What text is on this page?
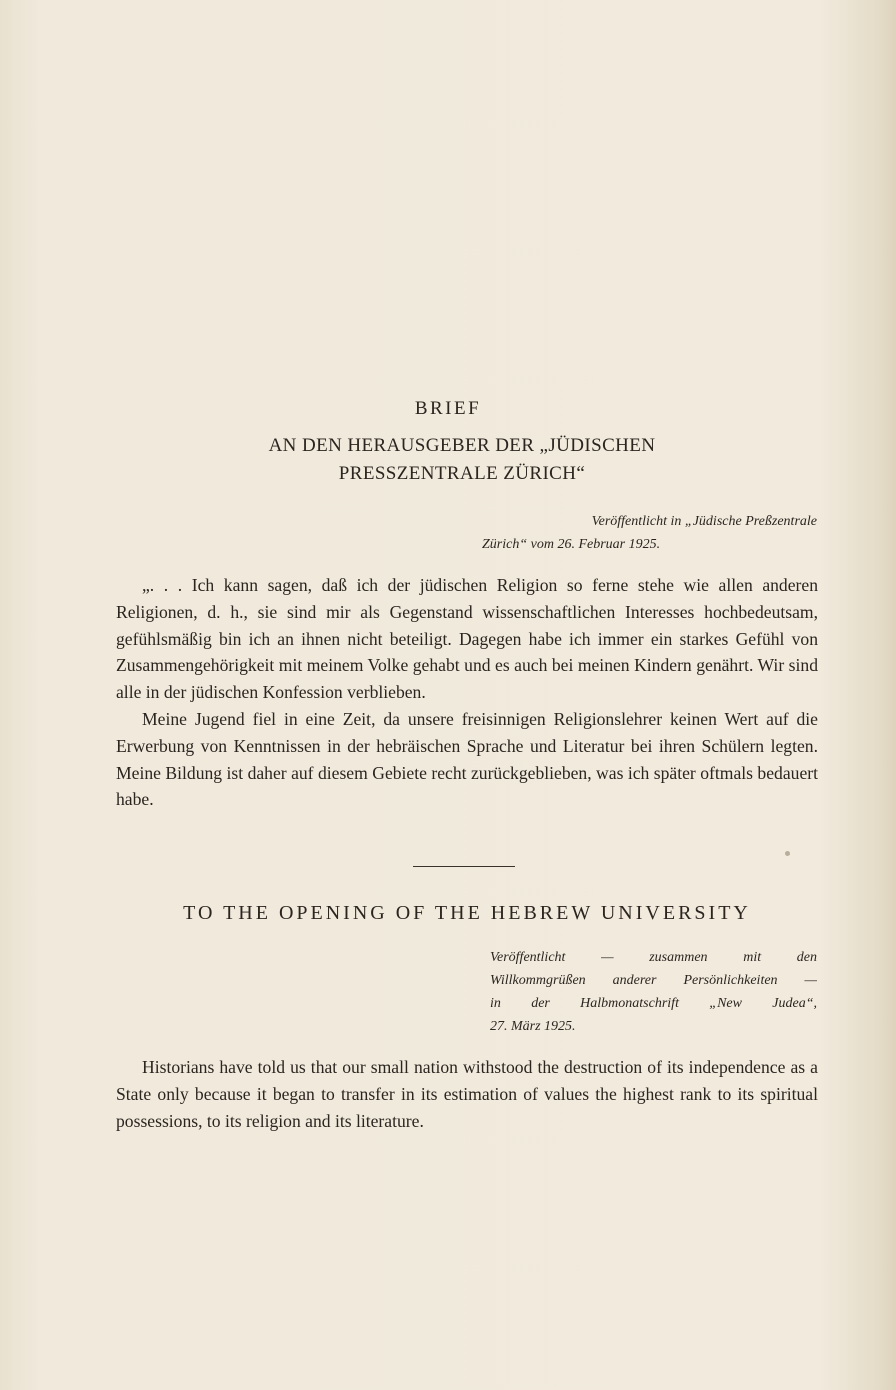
BRIEF
AN DEN HERAUSGEBER DER „JÜDISCHEN
PRESSZENTRALE ZÜRICH“
Veröffentlicht in „Jüdische Preßzentrale
Zürich“ vom 26. Februar 1925.

„. . . Ich kann sagen, daß ich der jüdischen Religion so ferne stehe wie allen anderen Religionen, d. h., sie sind mir als Gegenstand wissenschaftlichen Interesses hochbedeutsam, gefühlsmäßig bin ich an ihnen nicht beteiligt. Dagegen habe ich immer ein starkes Gefühl von Zusammengehörigkeit mit meinem Volke gehabt und es auch bei meinen Kindern genährt. Wir sind alle in der jüdischen Konfession verblieben.

Meine Jugend fiel in eine Zeit, da unsere freisinnigen Religionslehrer keinen Wert auf die Erwerbung von Kenntnissen in der hebräischen Sprache und Literatur bei ihren Schülern legten. Meine Bildung ist daher auf diesem Gebiete recht zurückgeblieben, was ich später oftmals bedauert habe.

TO THE OPENING OF THE HEBREW UNIVERSITY
Veröffentlicht — zusammen mit den
Willkommgrüßen anderer Persönlichkeiten —
in der Halbmonatschrift „New Judea“,
27. März 1925.

Historians have told us that our small nation withstood the destruction of its independence as a State only because it began to transfer in its estimation of values the highest rank to its spiritual possessions, to its religion and its literature.
